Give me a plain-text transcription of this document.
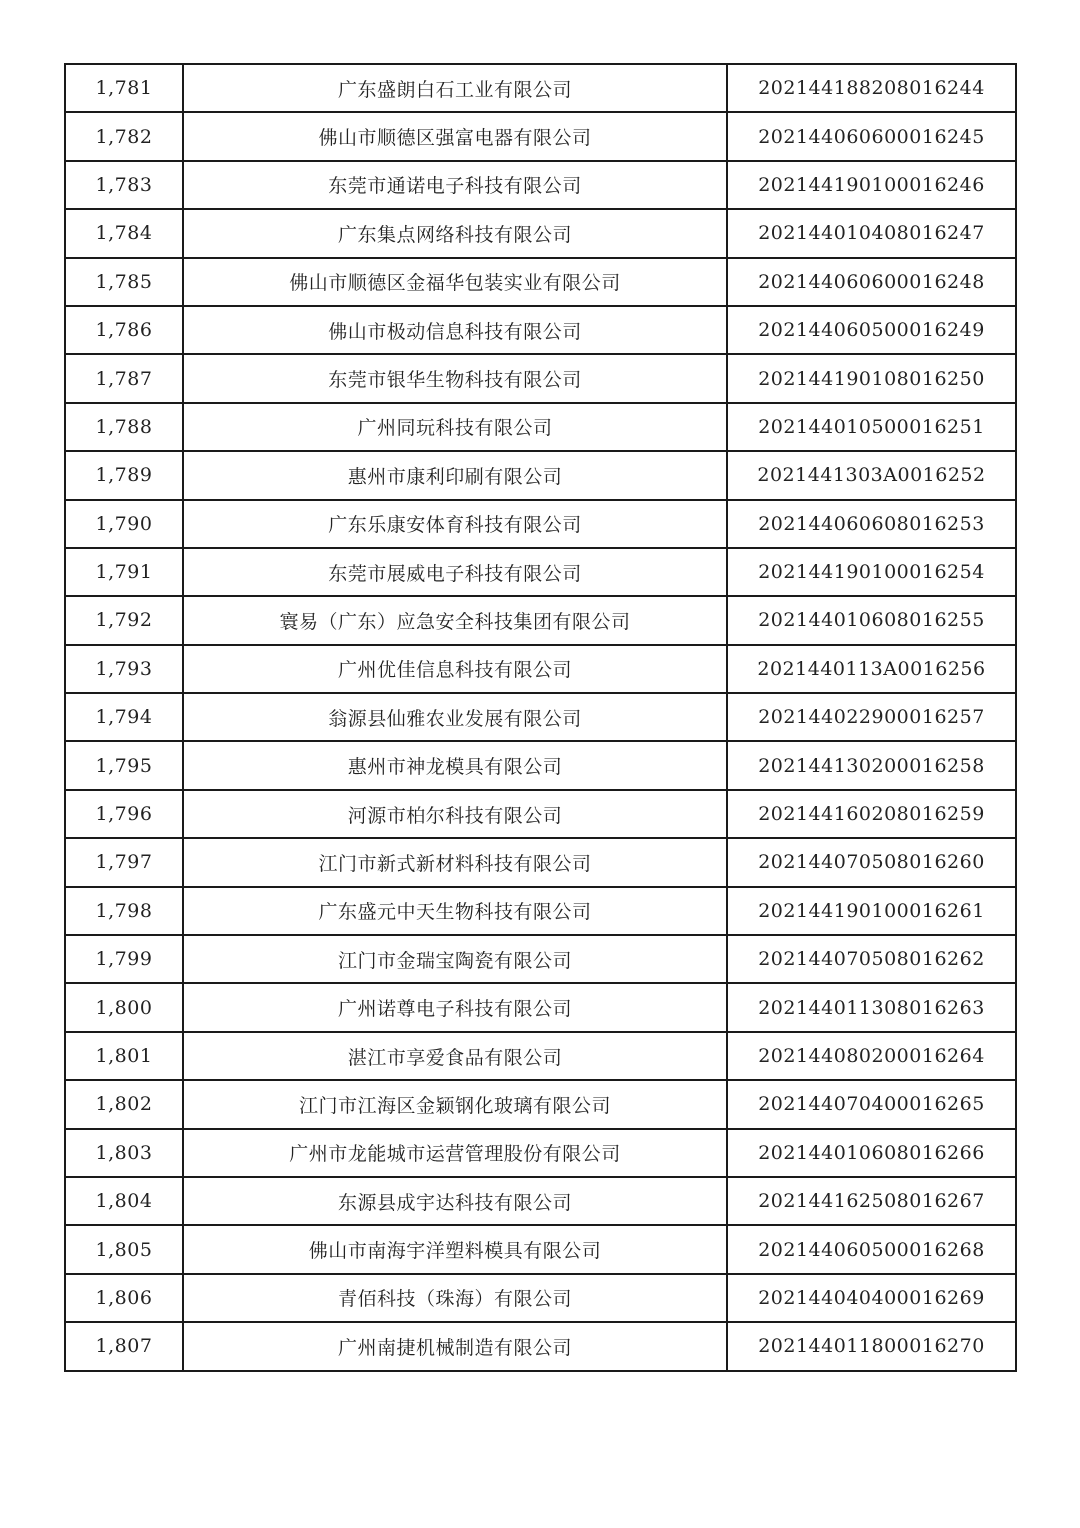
1,781	广东盛朗白石工业有限公司	202144188208016244
1,782	佛山市顺德区强富电器有限公司	202144060600016245
1,783	东莞市通诺电子科技有限公司	202144190100016246
1,784	广东集点网络科技有限公司	202144010408016247
1,785	佛山市顺德区金福华包装实业有限公司	202144060600016248
1,786	佛山市极动信息科技有限公司	202144060500016249
1,787	东莞市银华生物科技有限公司	202144190108016250
1,788	广州同玩科技有限公司	202144010500016251
1,789	惠州市康利印刷有限公司	2021441303A0016252
1,790	广东乐康安体育科技有限公司	202144060608016253
1,791	东莞市展威电子科技有限公司	202144190100016254
1,792	寰易（广东）应急安全科技集团有限公司	202144010608016255
1,793	广州优佳信息科技有限公司	2021440113A0016256
1,794	翁源县仙雅农业发展有限公司	202144022900016257
1,795	惠州市神龙模具有限公司	202144130200016258
1,796	河源市柏尔科技有限公司	202144160208016259
1,797	江门市新式新材料科技有限公司	202144070508016260
1,798	广东盛元中天生物科技有限公司	202144190100016261
1,799	江门市金瑞宝陶瓷有限公司	202144070508016262
1,800	广州诺尊电子科技有限公司	202144011308016263
1,801	湛江市享爱食品有限公司	202144080200016264
1,802	江门市江海区金颖钢化玻璃有限公司	202144070400016265
1,803	广州市龙能城市运营管理股份有限公司	202144010608016266
1,804	东源县成宇达科技有限公司	202144162508016267
1,805	佛山市南海宇洋塑料模具有限公司	202144060500016268
1,806	青佰科技（珠海）有限公司	202144040400016269
1,807	广州南捷机械制造有限公司	202144011800016270
